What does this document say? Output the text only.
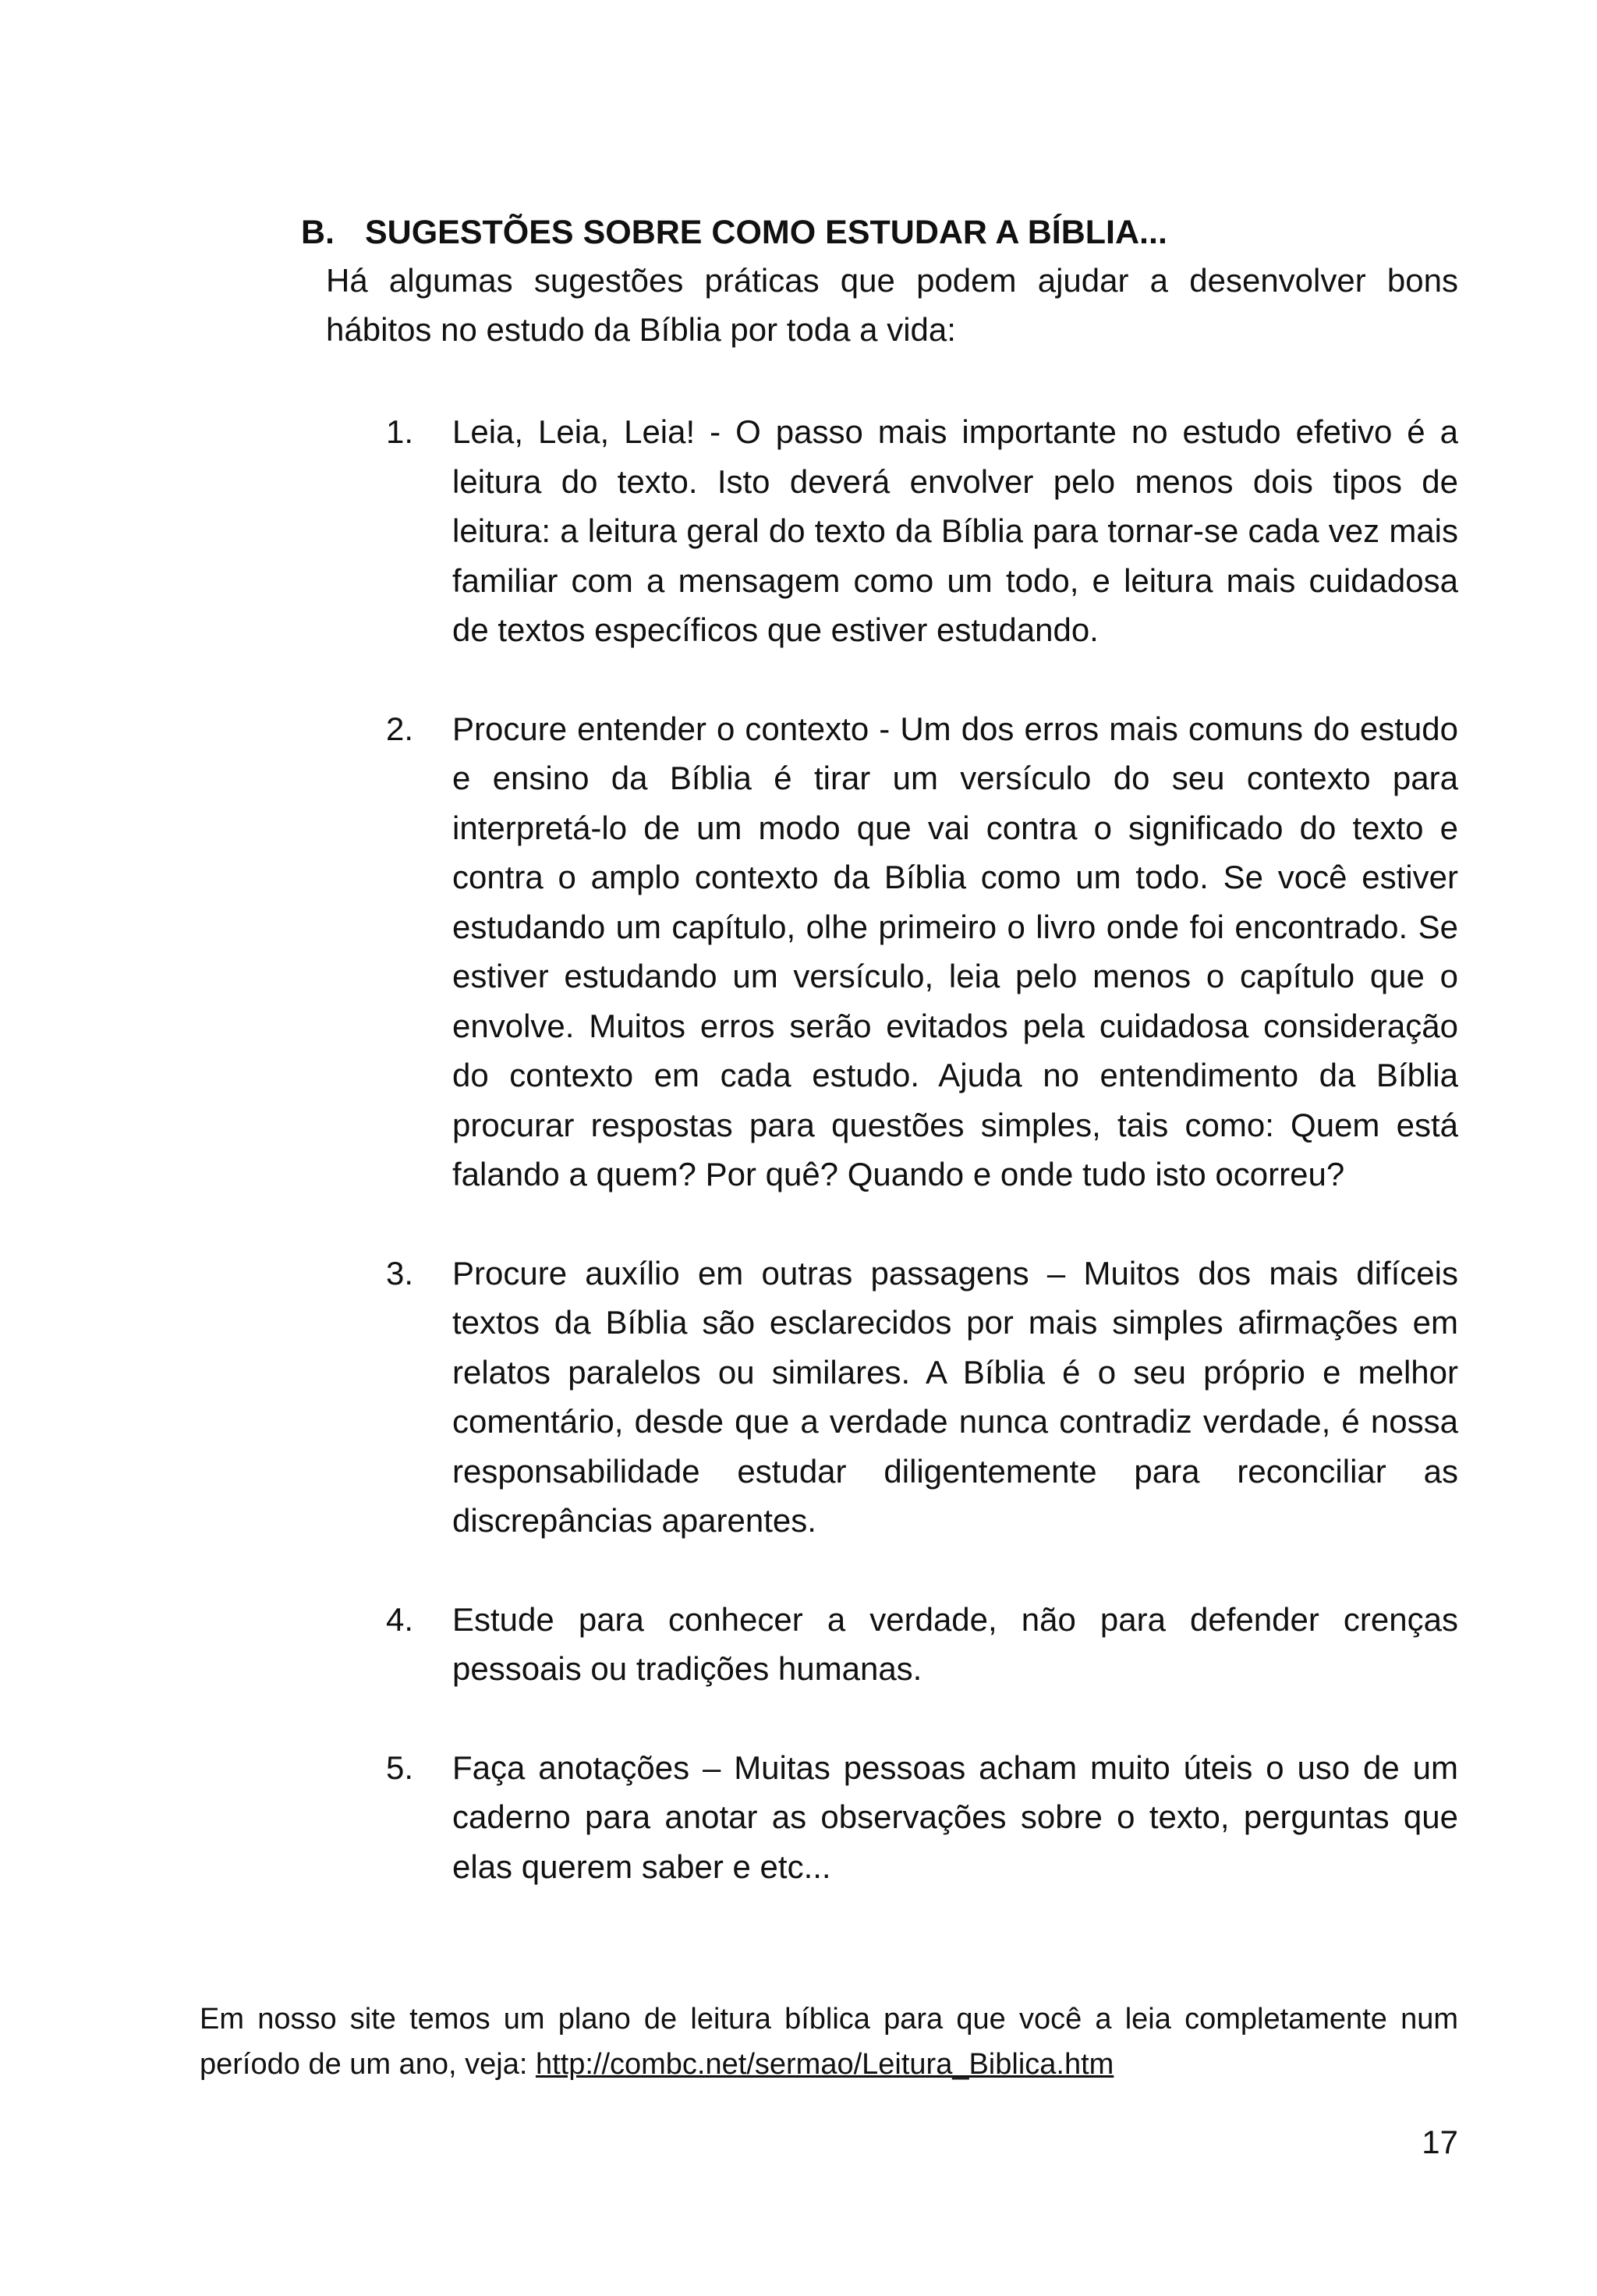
B. SUGESTÕES SOBRE COMO ESTUDAR A BÍBLIA...

Há algumas sugestões práticas que podem ajudar a desenvolver bons hábitos no estudo da Bíblia por toda a vida:

1. Leia, Leia, Leia! - O passo mais importante no estudo efetivo é a leitura do texto. Isto deverá envolver pelo menos dois tipos de leitura: a leitura geral do texto da Bíblia para tornar-se cada vez mais familiar com a mensagem como um todo, e leitura mais cuidadosa de textos específicos que estiver estudando.
2. Procure entender o contexto - Um dos erros mais comuns do estudo e ensino da Bíblia é tirar um versículo do seu contexto para interpretá-lo de um modo que vai contra o significado do texto e contra o amplo contexto da Bíblia como um todo. Se você estiver estudando um capítulo, olhe primeiro o livro onde foi encontrado. Se estiver estudando um versículo, leia pelo menos o capítulo que o envolve. Muitos erros serão evitados pela cuidadosa consideração do contexto em cada estudo. Ajuda no entendimento da Bíblia procurar respostas para questões simples, tais como: Quem está falando a quem? Por quê? Quando e onde tudo isto ocorreu?
3. Procure auxílio em outras passagens – Muitos dos mais difíceis textos da Bíblia são esclarecidos por mais simples afirmações em relatos paralelos ou similares. A Bíblia é o seu próprio e melhor comentário, desde que a verdade nunca contradiz verdade, é nossa responsabilidade estudar diligentemente para reconciliar as discrepâncias aparentes.
4. Estude para conhecer a verdade, não para defender crenças pessoais ou tradições humanas.
5. Faça anotações – Muitas pessoas acham muito úteis o uso de um caderno para anotar as observações sobre o texto, perguntas que elas querem saber e etc...

Em nosso site temos um plano de leitura bíblica para que você a leia completamente num período de um ano, veja: http://combc.net/sermao/Leitura_Biblica.htm

17
